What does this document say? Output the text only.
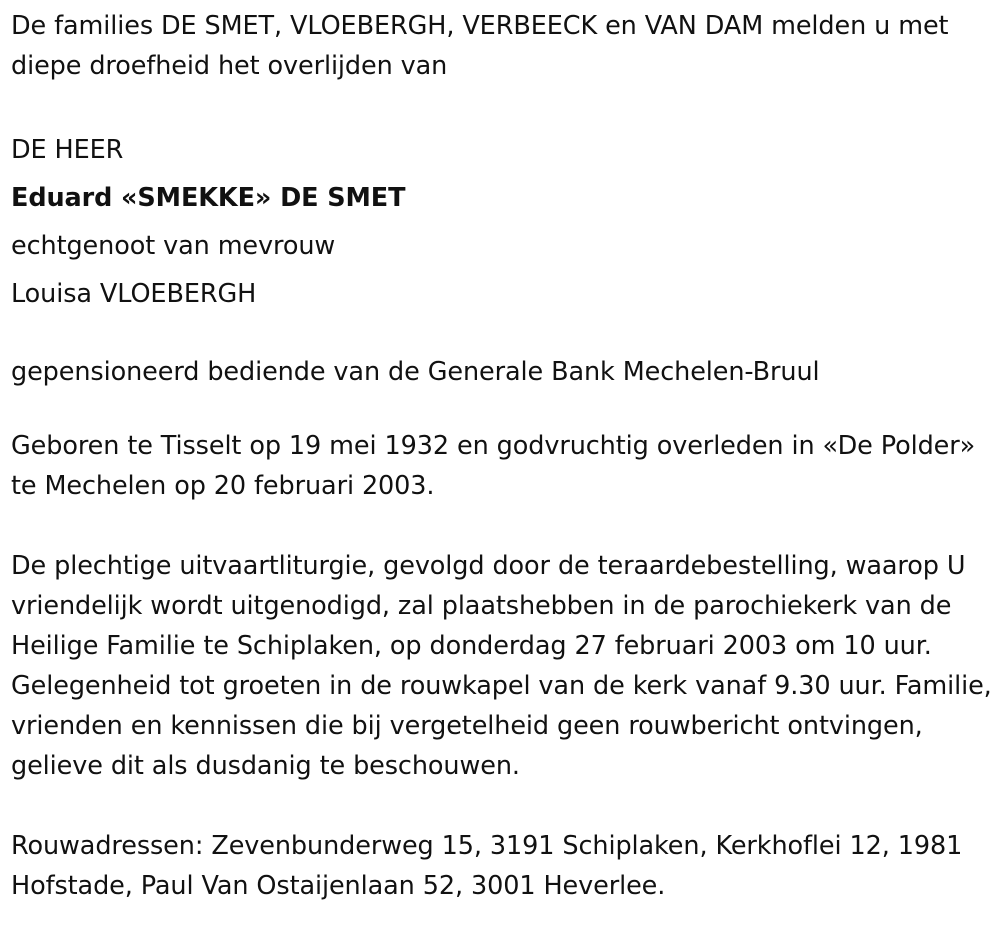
De families DE SMET, VLOEBERGH, VERBEECK en VAN DAM melden u met diepe droefheid het overlijden van

DE HEER

Eduard «SMEKKE» DE SMET

echtgenoot van mevrouw

Louisa VLOEBERGH

gepensioneerd bediende van de Generale Bank Mechelen-Bruul

Geboren te Tisselt op 19 mei 1932 en godvruchtig overleden in «De Polder» te Mechelen op 20 februari 2003.

De plechtige uitvaartliturgie, gevolgd door de teraardebestelling, waarop U vriendelijk wordt uitgenodigd, zal plaatshebben in de parochiekerk van de Heilige Familie te Schiplaken, op donderdag 27 februari 2003 om 10 uur. Gelegenheid tot groeten in de rouwkapel van de kerk vanaf 9.30 uur. Familie, vrienden en kennissen die bij vergetelheid geen rouwbericht ontvingen, gelieve dit als dusdanig te beschouwen.

Rouwadressen: Zevenbunderweg 15, 3191 Schiplaken, Kerkhoflei 12, 1981 Hofstade, Paul Van Ostaijenlaan 52, 3001 Heverlee.
